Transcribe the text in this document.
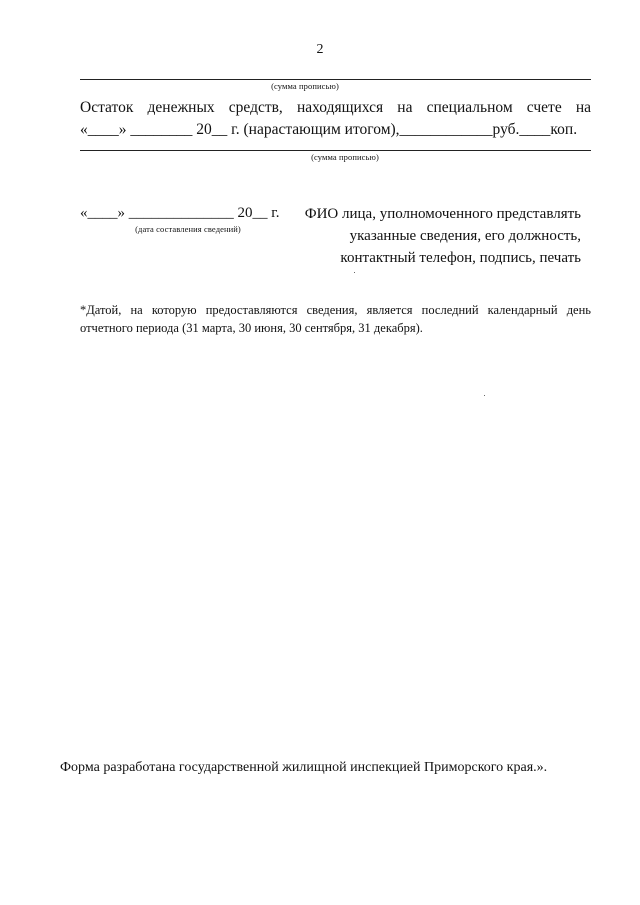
2
(сумма прописью)
Остаток денежных средств, находящихся на специальном счете на
«____» ________ 20__ г. (нарастающим итогом),____________руб.____коп.
(сумма прописью)
«____» ______________ 20__ г.
(дата составления сведений)
ФИО лица, уполномоченного представлять
указанные сведения, его должность,
контактный телефон, подпись, печать
*Датой, на которую предоставляются сведения, является последний календарный день отчетного периода (31 марта, 30 июня, 30 сентября, 31 декабря).
Форма разработана государственной жилищной инспекцией Приморского края.».
